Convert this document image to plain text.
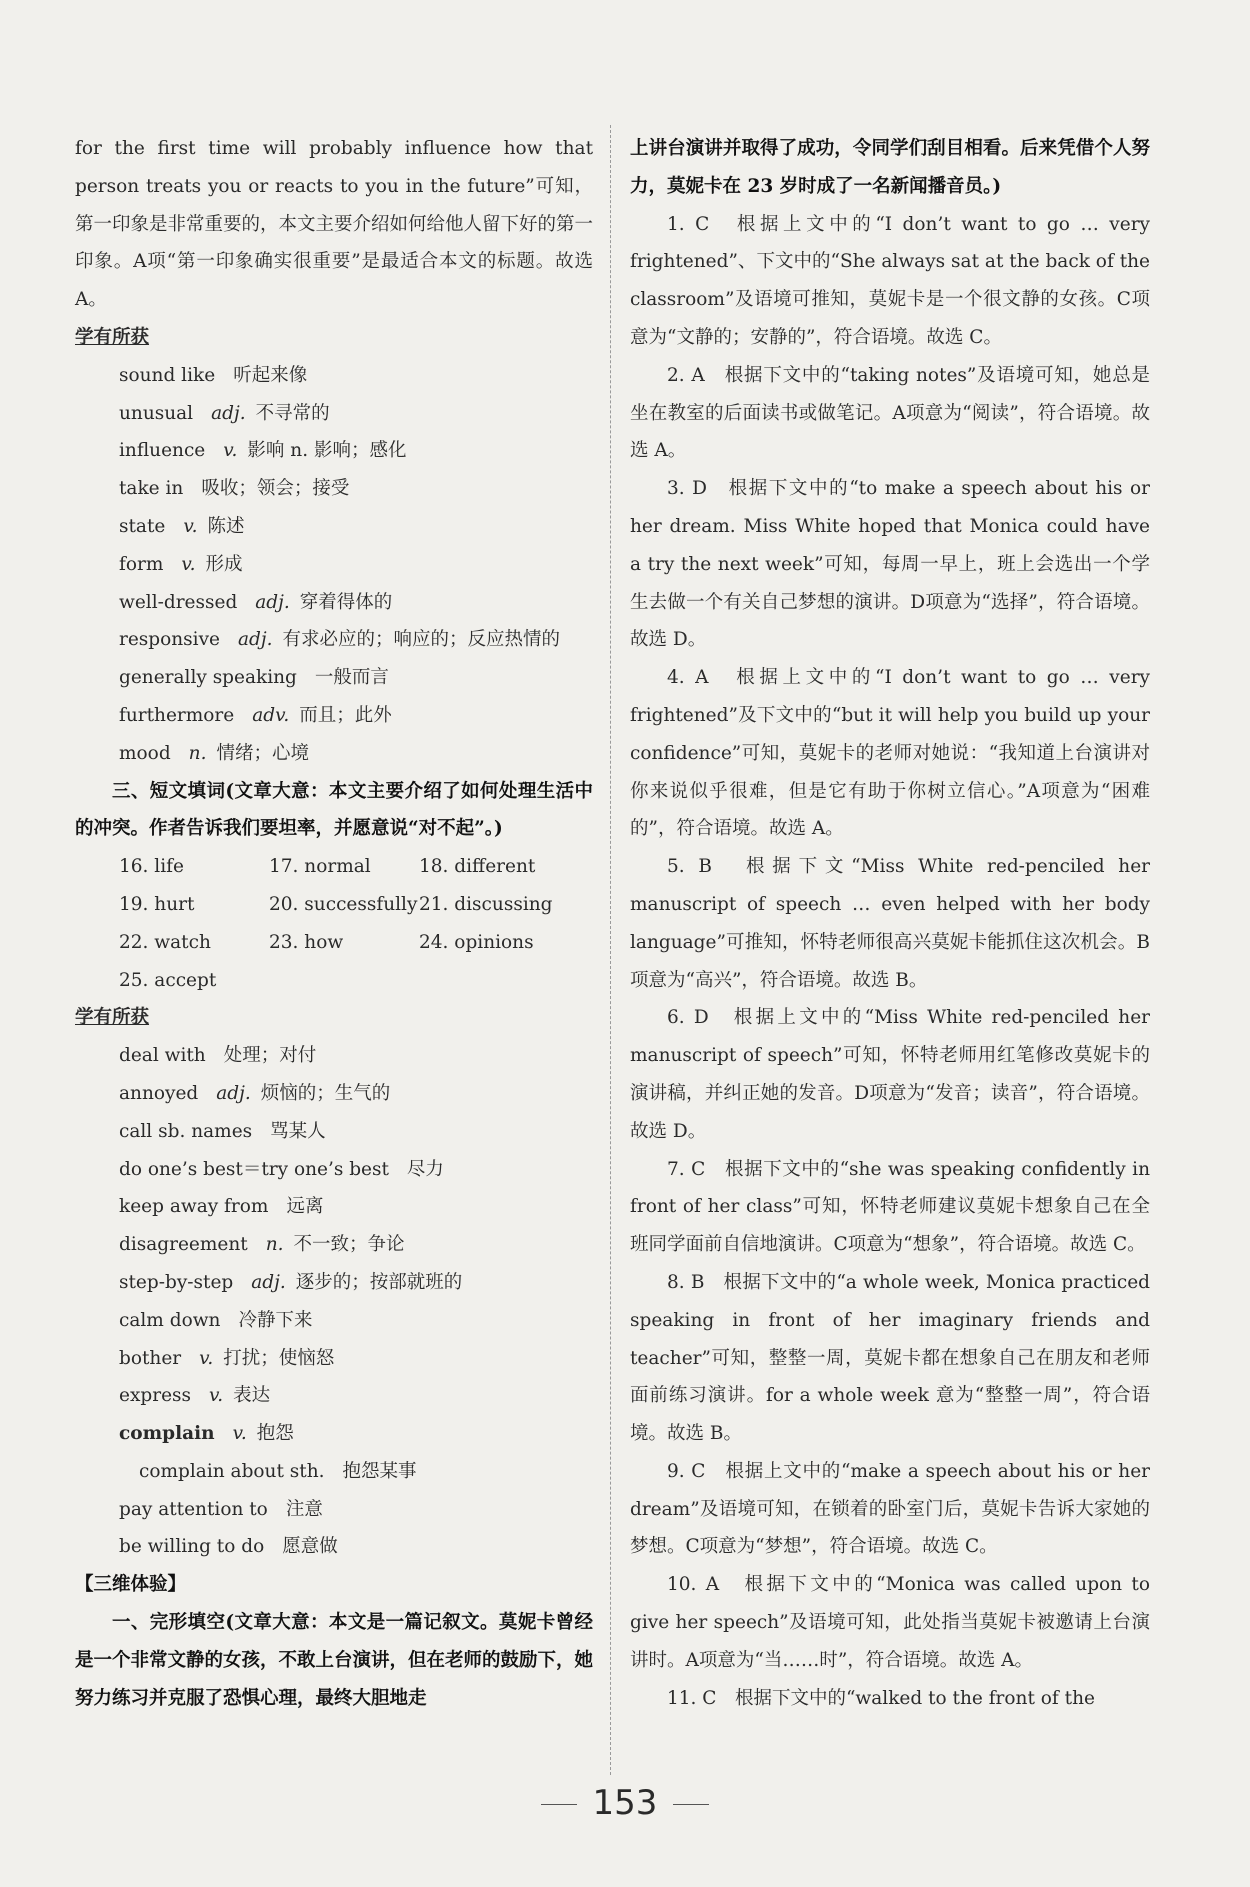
for the first time will probably influence how that person treats you or reacts to you in the future”可知，第一印象是非常重要的，本文主要介绍如何给他人留下好的第一印象。A项“第一印象确实很重要”是最适合本文的标题。故选 A。
学有所获
sound like 听起来像
unusual adj. 不寻常的
influence v. 影响 n. 影响；感化
take in 吸收；领会；接受
state v. 陈述
form v. 形成
well-dressed adj. 穿着得体的
responsive adj. 有求必应的；响应的；反应热情的
generally speaking 一般而言
furthermore adv. 而且；此外
mood n. 情绪；心境
三、短文填词(文章大意：本文主要介绍了如何处理生活中的冲突。作者告诉我们要坦率，并愿意说“对不起”。)
16. life	17. normal	18. different
19. hurt	20. successfully21. discussing
22. watch	23. how	24. opinions
25. accept
学有所获
deal with 处理；对付
annoyed adj. 烦恼的；生气的
call sb. names 骂某人
do one’s best＝try one’s best 尽力
keep away from 远离
disagreement n. 不一致；争论
step-by-step adj. 逐步的；按部就班的
calm down 冷静下来
bother v. 打扰；使恼怒
express v. 表达
complain v. 抱怨
complain about sth. 抱怨某事
pay attention to 注意
be willing to do 愿意做
【三维体验】
一、完形填空(文章大意：本文是一篇记叙文。莫妮卡曾经是一个非常文静的女孩，不敢上台演讲，但在老师的鼓励下，她努力练习并克服了恐惧心理，最终大胆地走
上讲台演讲并取得了成功，令同学们刮目相看。后来凭借个人努力，莫妮卡在 23 岁时成了一名新闻播音员。)
1. C　根据上文中的“I don’t want to go … very frightened”、下文中的“She always sat at the back of the classroom”及语境可推知，莫妮卡是一个很文静的女孩。C项意为“文静的；安静的”，符合语境。故选 C。
2. A　根据下文中的“taking notes”及语境可知，她总是坐在教室的后面读书或做笔记。A项意为“阅读”，符合语境。故选 A。
3. D　根据下文中的“to make a speech about his or her dream. Miss White hoped that Monica could have a try the next week”可知，每周一早上，班上会选出一个学生去做一个有关自己梦想的演讲。D项意为“选择”，符合语境。故选 D。
4. A　根据上文中的“I don’t want to go … very frightened”及下文中的“but it will help you build up your confidence”可知，莫妮卡的老师对她说：“我知道上台演讲对你来说似乎很难，但是它有助于你树立信心。”A项意为“困难的”，符合语境。故选 A。
5. B　根据下文“Miss White red-penciled her manuscript of speech … even helped with her body language”可推知，怀特老师很高兴莫妮卡能抓住这次机会。B项意为“高兴”，符合语境。故选 B。
6. D　根据上文中的“Miss White red-penciled her manuscript of speech”可知，怀特老师用红笔修改莫妮卡的演讲稿，并纠正她的发音。D项意为“发音；读音”，符合语境。故选 D。
7. C　根据下文中的“she was speaking confidently in front of her class”可知，怀特老师建议莫妮卡想象自己在全班同学面前自信地演讲。C项意为“想象”，符合语境。故选 C。
8. B　根据下文中的“a whole week, Monica practiced speaking in front of her imaginary friends and teacher”可知，整整一周，莫妮卡都在想象自己在朋友和老师面前练习演讲。for a whole week 意为“整整一周”，符合语境。故选 B。
9. C　根据上文中的“make a speech about his or her dream”及语境可知，在锁着的卧室门后，莫妮卡告诉大家她的梦想。C项意为“梦想”，符合语境。故选 C。
10. A　根据下文中的“Monica was called upon to give her speech”及语境可知，此处指当莫妮卡被邀请上台演讲时。A项意为“当……时”，符合语境。故选 A。
11. C　根据下文中的“walked to the front of the
153
